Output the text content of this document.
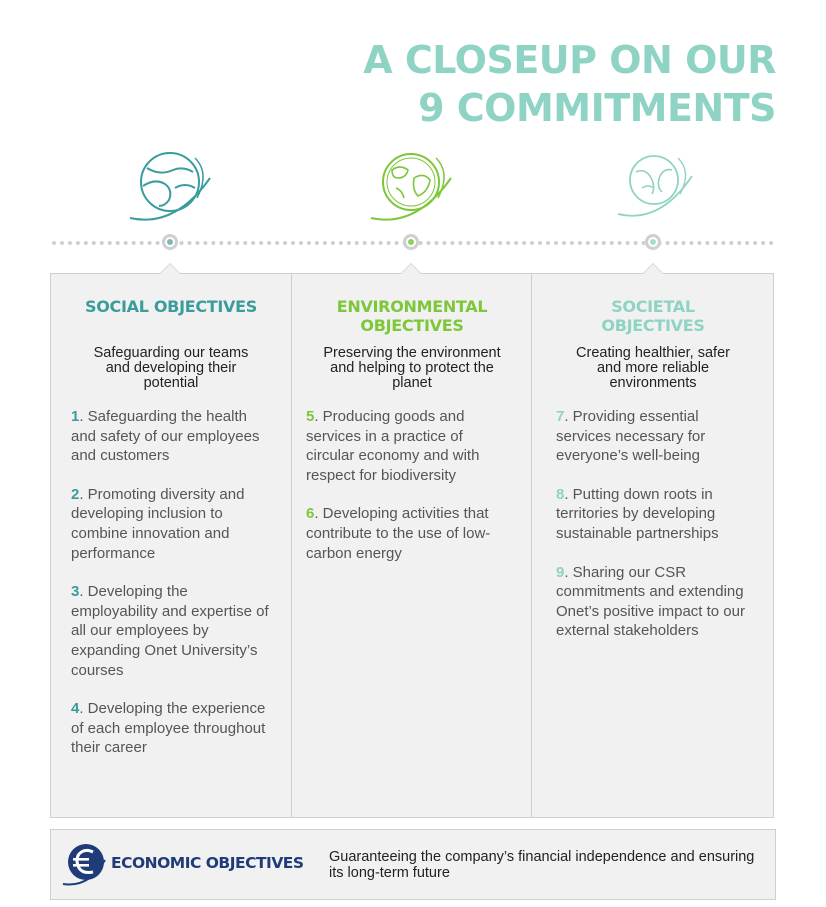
A CLOSEUP ON OUR
9 COMMITMENTS
SOCIAL OBJECTIVES
Safeguarding our teams and developing their potential
1. Safeguarding the health and safety of our employees and customers
2. Promoting diversity and developing inclusion to combine innovation and performance
3. Developing the employability and expertise of all our employees by expanding Onet University’s courses
4. Developing the experience of each employee throughout their career
ENVIRONMENTAL
OBJECTIVES
Preserving the environment and helping to protect the planet
5. Producing goods and services in a practice of circular economy and with respect for biodiversity
6. Developing activities that contribute to the use of low-carbon energy
SOCIETAL
OBJECTIVES
Creating healthier, safer and more reliable environments
7. Providing essential services necessary for everyone’s well-being
8. Putting down roots in territories by developing sustainable partnerships
9. Sharing our CSR commitments and extending Onet’s positive impact to our external stakeholders
ECONOMIC OBJECTIVES Guaranteeing the company’s financial independence and ensuring its long-term future
